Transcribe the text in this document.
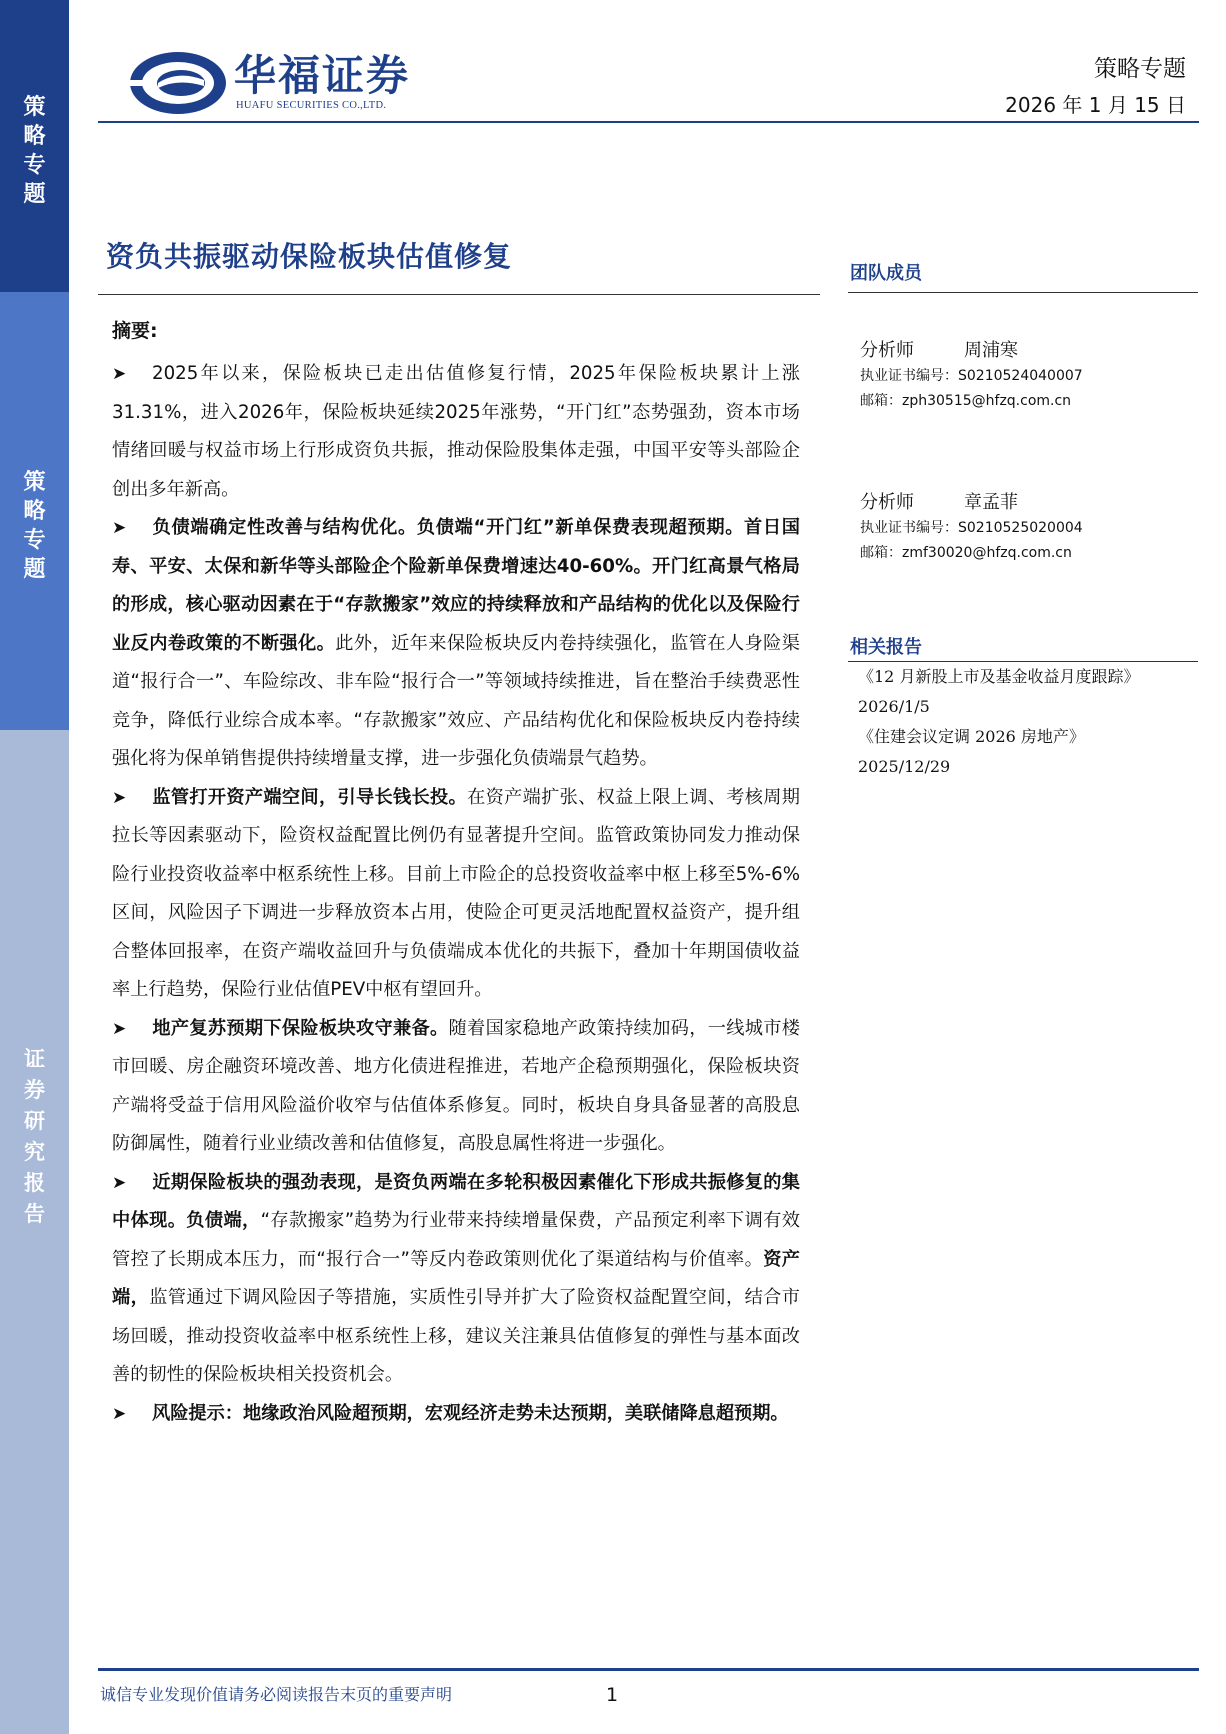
策
略
专
题
策
略
专
题
证
券
研
究
报
告
华福证券
HUAFU SECURITIES CO.,LTD.
策略专题
2026 年 1 月 15 日
资负共振驱动保险板块估值修复
摘要:

➤ 2025年以来，保险板块已走出估值修复行情，2025年保险板块累计上涨31.31%，进入2026年，保险板块延续2025年涨势，“开门红”态势强劲，资本市场情绪回暖与权益市场上行形成资负共振，推动保险股集体走强，中国平安等头部险企创出多年新高。

➤ 负债端确定性改善与结构优化。负债端“开门红”新单保费表现超预期。首日国寿、平安、太保和新华等头部险企个险新单保费增速达40-60%。开门红高景气格局的形成，核心驱动因素在于“存款搬家”效应的持续释放和产品结构的优化以及保险行业反内卷政策的不断强化。此外，近年来保险板块反内卷持续强化，监管在人身险渠道“报行合一”、车险综改、非车险“报行合一”等领域持续推进，旨在整治手续费恶性竞争，降低行业综合成本率。“存款搬家”效应、产品结构优化和保险板块反内卷持续强化将为保单销售提供持续增量支撑，进一步强化负债端景气趋势。

➤ 监管打开资产端空间，引导长钱长投。在资产端扩张、权益上限上调、考核周期拉长等因素驱动下，险资权益配置比例仍有显著提升空间。监管政策协同发力推动保险行业投资收益率中枢系统性上移。目前上市险企的总投资收益率中枢上移至5%-6%区间，风险因子下调进一步释放资本占用，使险企可更灵活地配置权益资产，提升组合整体回报率，在资产端收益回升与负债端成本优化的共振下，叠加十年期国债收益率上行趋势，保险行业估值PEV中枢有望回升。

➤ 地产复苏预期下保险板块攻守兼备。随着国家稳地产政策持续加码，一线城市楼市回暖、房企融资环境改善、地方化债进程推进，若地产企稳预期强化，保险板块资产端将受益于信用风险溢价收窄与估值体系修复。同时，板块自身具备显著的高股息防御属性，随着行业业绩改善和估值修复，高股息属性将进一步强化。

➤ 近期保险板块的强劲表现，是资负两端在多轮积极因素催化下形成共振修复的集中体现。负债端，“存款搬家”趋势为行业带来持续增量保费，产品预定利率下调有效管控了长期成本压力，而“报行合一”等反内卷政策则优化了渠道结构与价值率。资产端，监管通过下调风险因子等措施，实质性引导并扩大了险资权益配置空间，结合市场回暖，推动投资收益率中枢系统性上移，建议关注兼具估值修复的弹性与基本面改善的韧性的保险板块相关投资机会。

➤ 风险提示：地缘政治风险超预期，宏观经济走势未达预期，美联储降息超预期。

团队成员
分析师	周浦寒
执业证书编号：S0210524040007
邮箱：zph30515@hfzq.com.cn
分析师	章孟菲
执业证书编号：S0210525020004
邮箱：zmf30020@hfzq.com.cn
相关报告
《12 月新股上市及基金收益月度跟踪》
2026/1/5
《住建会议定调 2026 房地产》
2025/12/29
诚信专业发现价值请务必阅读报告末页的重要声明	1
